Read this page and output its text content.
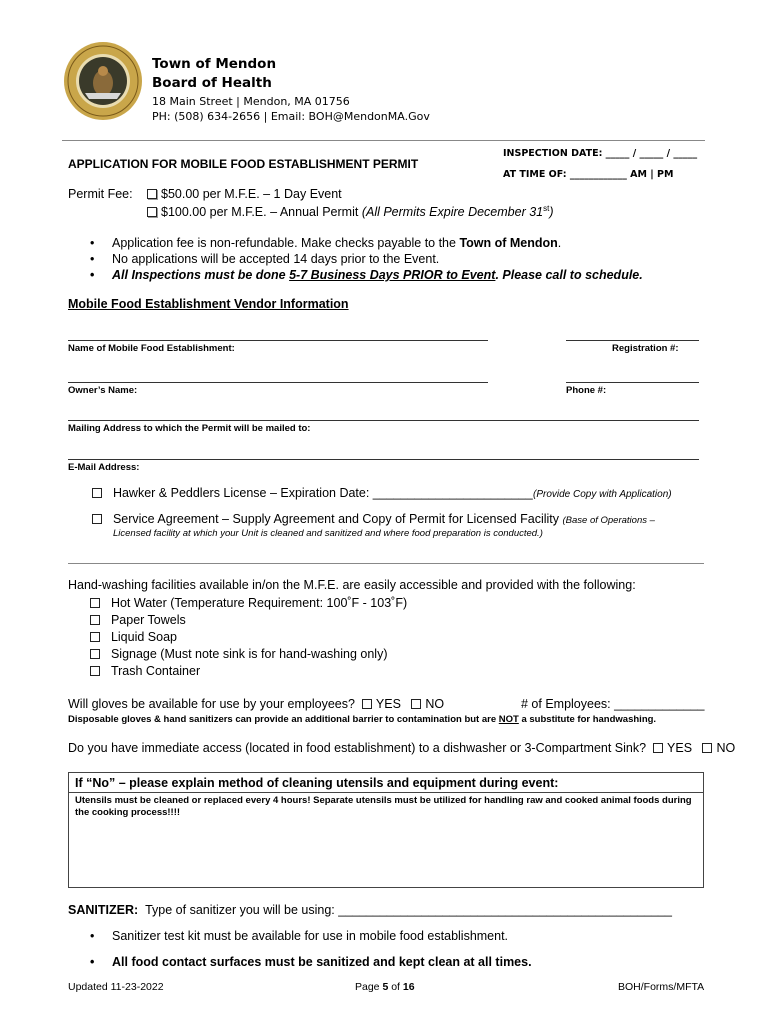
Town of Mendon
Board of Health
18 Main Street | Mendon, MA 01756
PH: (508) 634-2656 | Email: BOH@MendonMA.Gov
INSPECTION DATE: _____ / _____ / _____
AT TIME OF: ____________ AM | PM
APPLICATION FOR MOBILE FOOD ESTABLISHMENT PERMIT
Permit Fee:	$50.00 per M.F.E. – 1 Day Event
$100.00 per M.F.E. – Annual Permit (All Permits Expire December 31st)
• Application fee is non-refundable. Make checks payable to the Town of Mendon.
• No applications will be accepted 14 days prior to the Event.
• All Inspections must be done 5-7 Business Days PRIOR to Event. Please call to schedule.
Mobile Food Establishment Vendor Information
Name of Mobile Food Establishment:	Registration #:
Owner’s Name:	Phone #:
Mailing Address to which the Permit will be mailed to:
E-Mail Address:
Hawker & Peddlers License – Expiration Date: _______________________ (Provide Copy with Application)
Service Agreement – Supply Agreement and Copy of Permit for Licensed Facility (Base of Operations –
Licensed facility at which your Unit is cleaned and sanitized and where food preparation is conducted.)
Hand-washing facilities available in/on the M.F.E. are easily accessible and provided with the following:
Hot Water (Temperature Requirement: 100˚F - 103˚F)
Paper Towels
Liquid Soap
Signage (Must note sink is for hand-washing only)
Trash Container
Will gloves be available for use by your employees? YES NO	# of Employees: _____________
Disposable gloves & hand sanitizers can provide an additional barrier to contamination but are NOT a substitute for handwashing.
Do you have immediate access (located in food establishment) to a dishwasher or 3-Compartment Sink? YES NO
If “No” – please explain method of cleaning utensils and equipment during event:
Utensils must be cleaned or replaced every 4 hours! Separate utensils must be utilized for handling raw and cooked animal foods during the cooking process!!!!
SANITIZER: Type of sanitizer you will be using: ________________________________________________
• Sanitizer test kit must be available for use in mobile food establishment.
• All food contact surfaces must be sanitized and kept clean at all times.
Updated 11-23-2022	Page 5 of 16	BOH/Forms/MFTA
